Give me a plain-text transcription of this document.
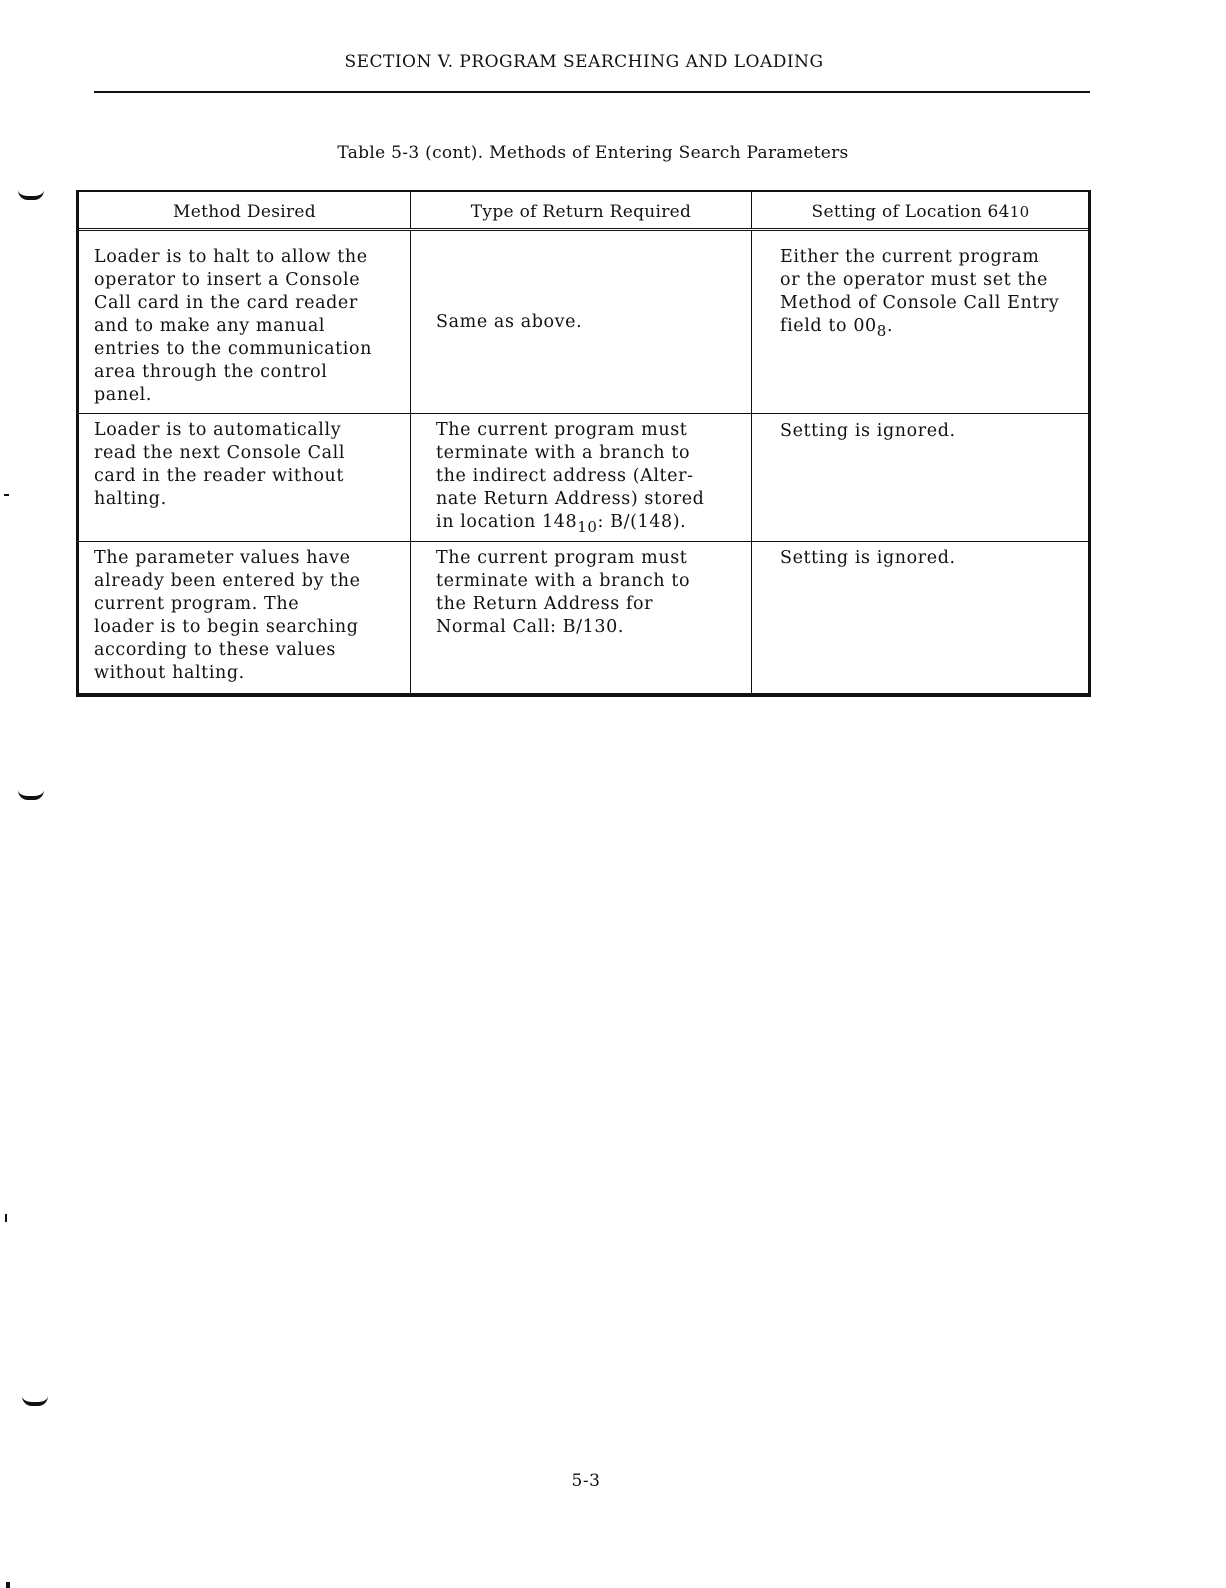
SECTION V. PROGRAM SEARCHING AND LOADING
Table 5-3 (cont). Methods of Entering Search Parameters
Method Desired	Type of Return Required	Setting of Location 64 10
Loader is to halt to allow the
operator to insert a Console
Call card in the card reader
and to make any manual
entries to the communication
area through the control
panel.
Same as above.
Either the current program
or the operator must set the
Method of Console Call Entry
field to $00_8$.
Loader is to automatically
read the next Console Call
card in the reader without
halting.
The current program must
terminate with a branch to
the indirect address (Alter-
nate Return Address) stored
in location $148_{10}$: B/(148).
Setting is ignored.
The parameter values have
already been entered by the
current program. The
loader is to begin searching
according to these values
without halting.
The current program must
terminate with a branch to
the Return Address for
Normal Call: B/130.
Setting is ignored.
5-3
